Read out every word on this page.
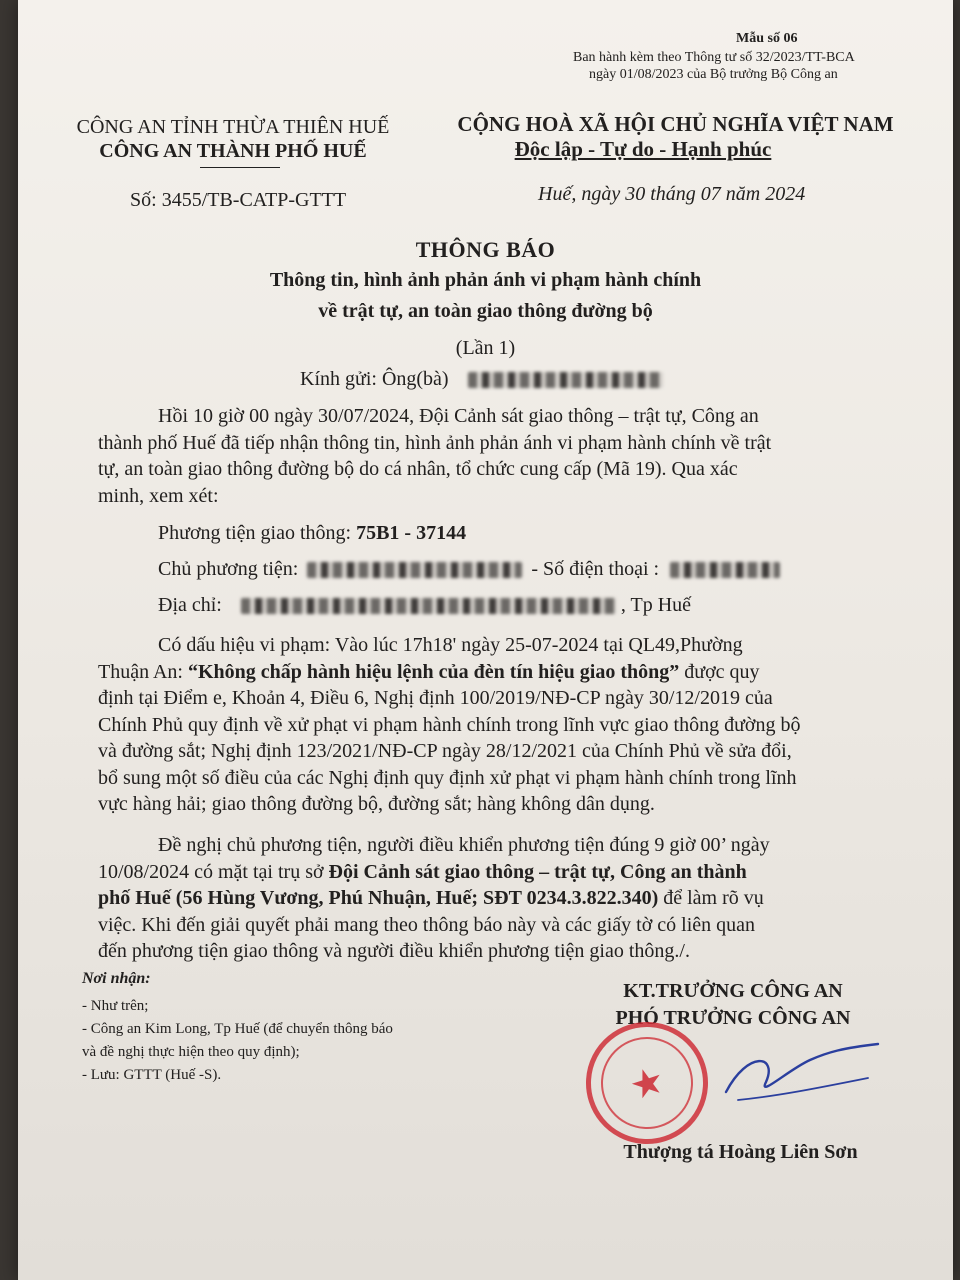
Mẫu số 06
Ban hành kèm theo Thông tư số 32/2023/TT-BCA
ngày 01/08/2023 của Bộ trưởng Bộ Công an
CÔNG AN TỈNH THỪA THIÊN HUẾ
CÔNG AN THÀNH PHỐ HUẾ
Số: 3455/TB-CATP-GTTT
CỘNG HOÀ XÃ HỘI CHỦ NGHĨA VIỆT NAM
Độc lập - Tự do - Hạnh phúc
Huế, ngày 30 tháng 07 năm 2024
THÔNG BÁO
Thông tin, hình ảnh phản ánh vi phạm hành chính
về trật tự, an toàn giao thông đường bộ
(Lần 1)
Kính gửi: Ông(bà)

Hồi 10 giờ 00 ngày 30/07/2024, Đội Cảnh sát giao thông – trật tự, Công an

thành phố Huế đã tiếp nhận thông tin, hình ảnh phản ánh vi phạm hành chính về trật

tự, an toàn giao thông đường bộ do cá nhân, tổ chức cung cấp (Mã 19). Qua xác

minh, xem xét:

Phương tiện giao thông: 75B1 - 37144
Chủ phương tiện:	- Số điện thoại :
Địa chỉ:	, Tp Huế

Có dấu hiệu vi phạm: Vào lúc 17h18' ngày 25-07-2024 tại QL49,Phường

Thuận An: “Không chấp hành hiệu lệnh của đèn tín hiệu giao thông” được quy

định tại Điểm e, Khoản 4, Điều 6, Nghị định 100/2019/NĐ-CP ngày 30/12/2019 của

Chính Phủ quy định về xử phạt vi phạm hành chính trong lĩnh vực giao thông đường bộ

và đường sắt; Nghị định 123/2021/NĐ-CP ngày 28/12/2021 của Chính Phủ về sửa đổi,

bổ sung một số điều của các Nghị định quy định xử phạt vi phạm hành chính trong lĩnh

vực hàng hải; giao thông đường bộ, đường sắt; hàng không dân dụng.

Đề nghị chủ phương tiện, người điều khiển phương tiện đúng 9 giờ 00’ ngày

10/08/2024 có mặt tại trụ sở Đội Cảnh sát giao thông – trật tự, Công an thành

phố Huế (56 Hùng Vương, Phú Nhuận, Huế; SĐT 0234.3.822.340) để làm rõ vụ

việc. Khi đến giải quyết phải mang theo thông báo này và các giấy tờ có liên quan

đến phương tiện giao thông và người điều khiển phương tiện giao thông./.

Nơi nhận:
- Như trên;
- Công an Kim Long, Tp Huế (để chuyển thông báo
và đề nghị thực hiện theo quy định);
- Lưu: GTTT (Huế -S).
KT.TRƯỞNG CÔNG AN
PHÓ TRƯỞNG CÔNG AN
★
Thượng tá Hoàng Liên Sơn
